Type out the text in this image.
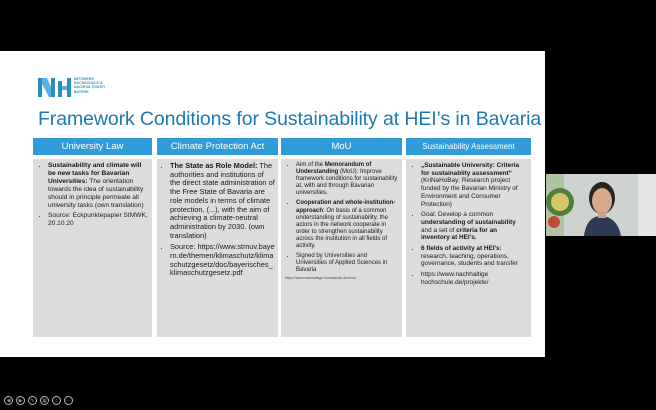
NETZWERK
HOCHSCHULE &
NACHHALTIGKEIT
BAYERN
Framework Conditions for Sustainability at HEI’s in Bavaria
University Law
• Sustainability and climate will be new tasks for Bavarian Universities: The orientation towards the idea of sustainability should in principle permeate all university tasks (own translation)
• Source: Eckpunktepapier StMWK, 20.10.20
Climate Protection Act
• The State as Role Model: The authorities and institutions of the direct state administration of the Free State of Bavaria are role models in terms of climate protection, (...), with the aim of achieving a climate-neutral administration by 2030. (own translation)
• Source: https://www.stmuv.bayern.de/themen/klimaschutz/klimaschutzgesetz/doc/bayerisches_klimaschutzgesetz.pdf
MoU
• Aim of the Memorandum of Understanding (MoU): Improve framework conditions for sustainability at, with and through Bavarian universities.
• Cooperation and whole-institution-approach: On basis of a common understanding of sustainability, the actors in the network cooperate in order to strengthen sustainability across the institution in all fields of activity.
• Signed by Universities and Universities of Applied Sciences in Bavaria
https://www.nachhaltige-hochschule.de/mou/
Sustainability Assessment
• „Sustainable University: Criteria for sustainablity assessment“ (KriNaHoBay; Research project funded by the Bavarian Ministry of Environment and Consumer Protection)
• Goal: Develop a common understanding of sustainability and a set of criteria for an inventory at HEI’s.
• 6 fields of activity at HEI’s: research, teaching, operations, governance, students and transfer
• https://www.nachhaltige hochschule.de/projekte/
◀	▶	✎	▦	⌕	⋯
